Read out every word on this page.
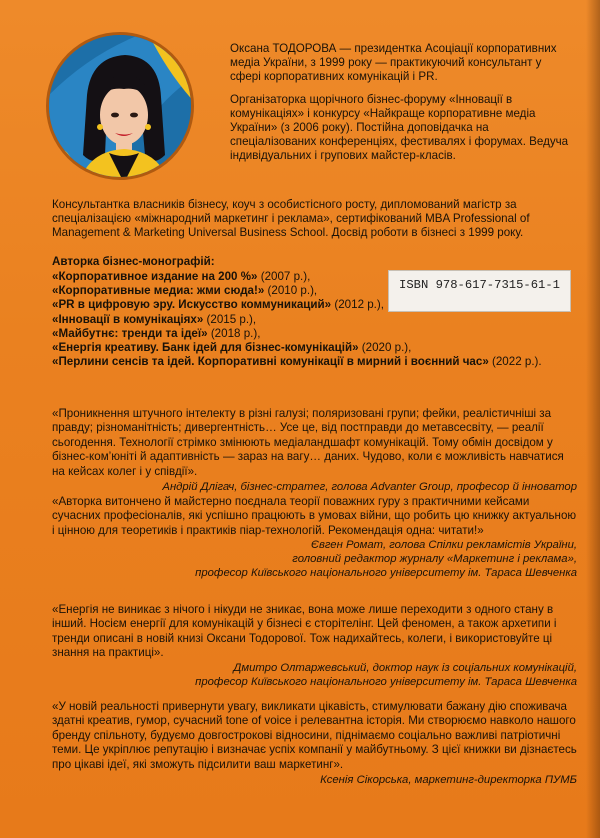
Оксана ТОДОРОВА — президентка Асоціації корпоративних медіа України, з 1999 року — практикуючий консультант у сфері корпоративних комунікацій і PR.

Організаторка щорічного бізнес-форуму «Інновації в комунікаціях» і конкурсу «Найкраще корпоративне медіа України» (з 2006 року). Постійна доповідачка на спеціалізованих конференціях, фестивалях і форумах. Ведуча індивідуальних і групових майстер-класів.

Консультантка власників бізнесу, коуч з особистісного росту, дипломований магістр за спеціалізацією «міжнародний маркетинг і реклама», сертифікований MBA Professional of Management & Marketing Universal Business School. Досвід роботи в бізнесі з 1999 року.
Авторка бізнес-монографій:
«Корпоративное издание на 200 %» (2007 р.),
«Корпоративные медиа: жми сюда!» (2010 р.),
«PR в цифровую эру. Искусство коммуникаций» (2012 р.),
«Інновації в комунікаціях» (2015 р.),
«Майбутнє: тренди та ідеї» (2018 р.),
«Енергія креативу. Банк ідей для бізнес-комунікацій» (2020 р.),
«Перлини сенсів та ідей. Корпоративні комунікації в мирний і воєнний час» (2022 р.).
ISBN 978-617-7315-61-1
«Проникнення штучного інтелекту в різні галузі; поляризовані групи; фейки, реалістичніші за правду; різноманітність; дивергентність… Усе це, від постправди до метавсесвіту, — реалії сьогодення. Технології стрімко змінюють медіаландшафт комунікацій. Тому обмін досвідом у бізнес-ком’юніті й адаптивність — зараз на вагу… даних. Чудово, коли є можливість навчатися на кейсах колег і у співдії».
Андрій Длігач, бізнес-стратег, голова Advanter Group, професор й інноватор
«Авторка витончено й майстерно поєднала теорії поважних гуру з практичними кейсами сучасних професіоналів, які успішно працюють в умовах війни, що робить цю книжку актуальною і цінною для теоретиків і практиків піар-технологій. Рекомендація одна: читати!»
Євген Ромат, голова Спілки рекламістів України,
головний редактор журналу «Маркетинг і реклама»,
професор Київського національного університету ім. Тараса Шевченка
«Енергія не виникає з нічого і нікуди не зникає, вона може лише переходити з одного стану в інший. Носієм енергії для комунікацій у бізнесі є сторітелінг. Цей феномен, а також архетипи і тренди описані в новій книзі Оксани Тодорової. Тож надихайтесь, колеги, і використовуйте ці знання на практиці».
Дмитро Олтаржевський, доктор наук із соціальних комунікацій,
професор Київського національного університету ім. Тараса Шевченка
«У новій реальності привернути увагу, викликати цікавість, стимулювати бажану дію споживача здатні креатив, гумор, сучасний tone of voice і релевантна історія. Ми створюємо навколо нашого бренду спільноту, будуємо довгострокові відносини, піднімаємо соціально важливі патріотичні теми. Це укріплює репутацію і визначає успіх компанії у майбутньому. З цієї книжки ви дізнаєтесь про цікаві ідеї, які зможуть підсилити ваш маркетинг».
Ксенія Сікорська, маркетинг-директорка ПУМБ
